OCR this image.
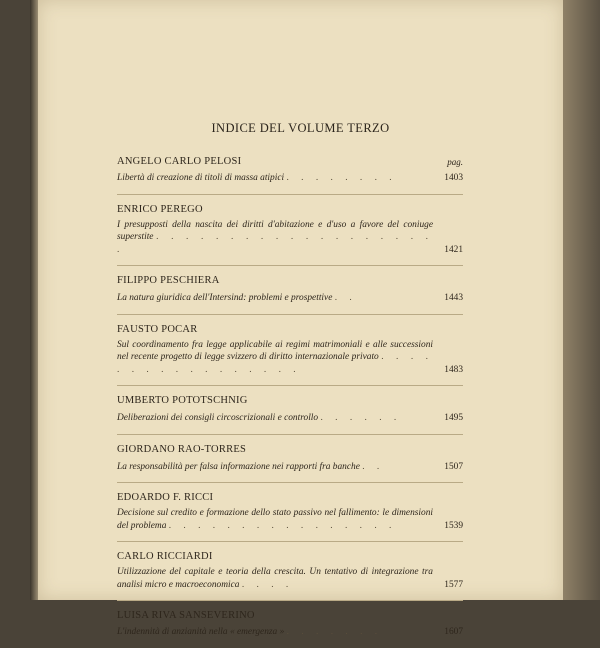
INDICE DEL VOLUME TERZO
ANGELO CARLO PELOSI	pag.
Libertà di creazione di titoli di massa atipici . . . . . . . .	1403
ENRICO PEREGO
I presupposti della nascita dei diritti d'abitazione e d'uso a favore del coniuge superstite . . . . . . . . . . . . . . . . . . . .	1421
FILIPPO PESCHIERA
La natura giuridica dell'Intersind: problemi e prospettive . .	1443
FAUSTO POCAR
Sul coordinamento fra legge applicabile ai regimi matrimoniali e alle successioni nel recente progetto di legge svizzero di diritto internazionale privato . . . . . . . . . . . . . . . . .	1483
UMBERTO POTOTSCHNIG
Deliberazioni dei consigli circoscrizionali e controllo . . . . . .	1495
GIORDANO RAO-TORRES
La responsabilità per falsa informazione nei rapporti fra banche . .	1507
EDOARDO F. RICCI
Decisione sul credito e formazione dello stato passivo nel fallimento: le dimensioni del problema . . . . . . . . . . . . . . . .	1539
CARLO RICCIARDI
Utilizzazione del capitale e teoria della crescita. Un tentativo di integrazione tra analisi micro e macroeconomica . . . .	1577
LUISA RIVA SANSEVERINO
L'indennità di anzianità nella « emergenza » . . . . . . .	1607
